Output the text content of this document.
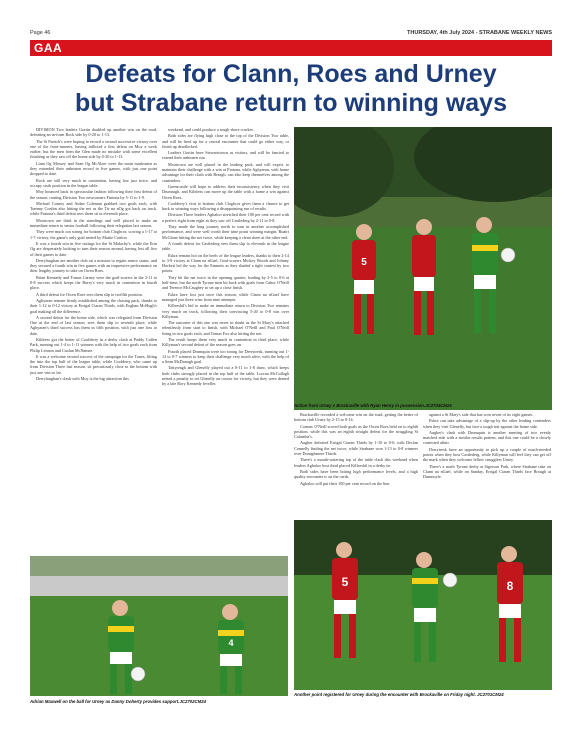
Page 46	THURSDAY, 4th July 2024 - STRABANE WEEKLY NEWS
GAA
Defeats for Clann, Roes and Urney
but Strabane return to winning ways

DIVISION Two leaders Gortin doubled up another win on the road, defeating an in-form Rock side by 0-20 to 1-13.

The St Patrick's were hoping to record a second successive victory over one of the front-runners, having inflicted a first defeat on Moy a week earlier, but the men from the Glen made no mistake with some excellent finishing as they saw off the home side by 0-20 to 1-13.

Liam Og Mossey and Sean Og McAleer were the main marksmen as they extended their unbeaten record to five games, with just one point dropped to date.

Rock are still very much in contention, having lost just twice, and occupy sixth position in the league table.

Moy bounced back in spectacular fashion following their first defeat of the season, routing Division Two newcomers Fintona by 5-11 to 1-9.

Michael Conroy and Aidan Coleman grabbed two goals each, with Tommy Conlon also hitting the net as the Tir na nOg got back on track, while Fintona's third defeat sees them sit in eleventh place.

Moortown are third in the standings and well placed to make an immediate return to senior football following their relegation last season.

They were much too strong for bottom club Cloghcor, scoring a 1-17 to 1-7 victory, the game's only goal netted by Mattie Conlon.

It was a fourth win in five outings for the St Malachy's, while the Erin Og are desperately looking to turn their season around, having lost all five of their games to date.

Derrylaughan are another club on a mission to regain senior status, and they secured a fourth win in five games with an impressive performance on their lengthy journey to take on Owen Roes.

Brian Kennedy and Tomas Carney were the goal-scorers in the 2-11 to 0-8 success which keeps the Burry's very much in contention in fourth place.

A third defeat for Owen Roes sees them slip to twelfth position.

Aghyaran remain firmly established among the chasing pack, thanks to their 1-12 to 0-12 victory at Errigal Ciaran Thirds, with Eoghan McHugh's goal making all the difference.

A second defeat for the home side, which was relegated from Division One at the end of last season, sees them slip to seventh place, while Aghyaran's third success has them in fifth position, with just one loss to date.

Kildress got the better of Coolderry in a derby clash at Paddy Cullen Park, running out 1-4 to 1-11 winners with the help of two goals each from Philip Lennon and Caolan McNamee.

It was a welcome second success of the campaign for the Tones, lifting the into the top half of the league table, while Coolderry, who came up from Division Three last season, sit precariously close to the bottom with just one win so far.

Derrylaughan's clash with Moy is the big attraction this

weekend, and could produce a tough shore cracker.

Both sides are flying high close to the top of the Division Two table, and will be fired up for a crucial encounter that could go either way, or finish up deadlocked.

Leaders Gortin have Stewartstown as visitors, and will be fancied to extend their unbeaten run.

Moortown are well placed in the leading pack, and will expect to maintain their challenge with a win at Fintona, while Aghyaran, with home advantage for their clash with Beragh, can also keep themselves among the contenders.

Greencastle will hope to address their inconsistency when they visit Drumragh, and Kildress can move up the table with a home a win against Owen Roes.

Coolderry's visit to bottom club Cloghcor gives them a chance to get back to winning ways following a disappointing run of results.

Division Three leaders Aghaloo stretched their 100 per cent record with a perfect eight from eight as they saw off Castlederg by 2-11 to 0-8.

They made the long journey north to turn in another accomplished performance, and were well worth their nine point winning margin, Ruairi McGlone hitting the net twice, while keeping a clean sheet at the other end.

A fourth defeat for Castlederg sees them slip to eleventh in the league table.

Eskra remain hot on the heels of the league leaders, thanks to their 2-14 to 3-9 victory at Clann na nGael. Goal-scorers Mickey Woods and Johnny Hackett led the way for the Emmets as they shaded a tight contest by two points.

They hit the net twice in the opening quarter, leading by 2-5 to 0-6 at half-time, but the north Tyrone men hit back with goals from Cahor O'Neill and Terence McCaughey to set up a close finish.

Eskra have lost just once this season, while Clann na nGael have managed just three wins from nine attempts.

Killeeshil's bid to make an immediate return to Division Two remains very much on track, following their convincing 5-20 to 0-8 win over Killyman.

The outcome of this one was never in doubt as the St Mary's attacked relentlessly from start to finish, with Michael O'Neill and Paul O'Neill firing in two goals each, and Tomas Fox also hitting the net.

The result keeps them very much in contention in third place, while Killyman's second defeat of the season goes on.

Fourth placed Drumquin were too strong for Derrytresk, running out 1-12 to 0-7 winners to keep their challenge very much alive, with the help of a Sean McDonagh goal.

Tattyreagh and Glenelly played out a 0-11 to 1-8 draw, which keeps both clubs strongly placed in the top half of the table. Lorcan McCullagh netted a penalty to set Glenelly on course for victory, but they were denied by a late Rory Kennedy leveller.

Brackaville recorded a welcome win on the road, getting the better of bottom club Urney by 2-15 to 0-14.

Cormac O'Neill scored both goals as the Owen Roes held on to eighth position, while this was an eighth straight defeat for the struggling St Columba's.

Augher defeated Errigal Ciaran Thirds by 1-10 to 0-6, with Declan Connelly finding the net twice, while Strabane won 1-13 to 0-8 winners over Donaghmore Thirds.

There's a mouth-watering top of the table clash this weekend when leaders Aghaloo host third placed Killeeshil in a derby tie.

Both sides have been hitting high performance levels, and a high quality encounter is on the cards.

Aghaloo will put their 100 per cent record on the line

against a St Mary's side that has won seven of its eight games.

Eskra can take advantage of a slip-up by the other leading contenders when they visit Glenelly, but face a tough test against the home side.

Augher's clash with Drumquin is another meeting of two evenly matched side with a similar results pattern, and this one could be a closely contested affair.

Derrytresk have an opportunity to pick up a couple of much-needed points when they host Castlederg, while Killyman will feel they can get off the mark when they welcome fellow strugglers Urney.

There's a north Tyrone derby at Sigerson Park, where Strabane take on Clann na nGael, while on Sunday, Errigal Ciaran Thirds face Brough at Dunmoyle.

5
Action from Urney v Brockaville with Ryan Henry in possession.JC2704CM24
4
Adrian Maxwell on the ball for Urney as Danny Doherty provides support.JC2702CM24
5	8
Another point registered for Urney during the encounter with Brockaville on Friday night. JC2701CM24
